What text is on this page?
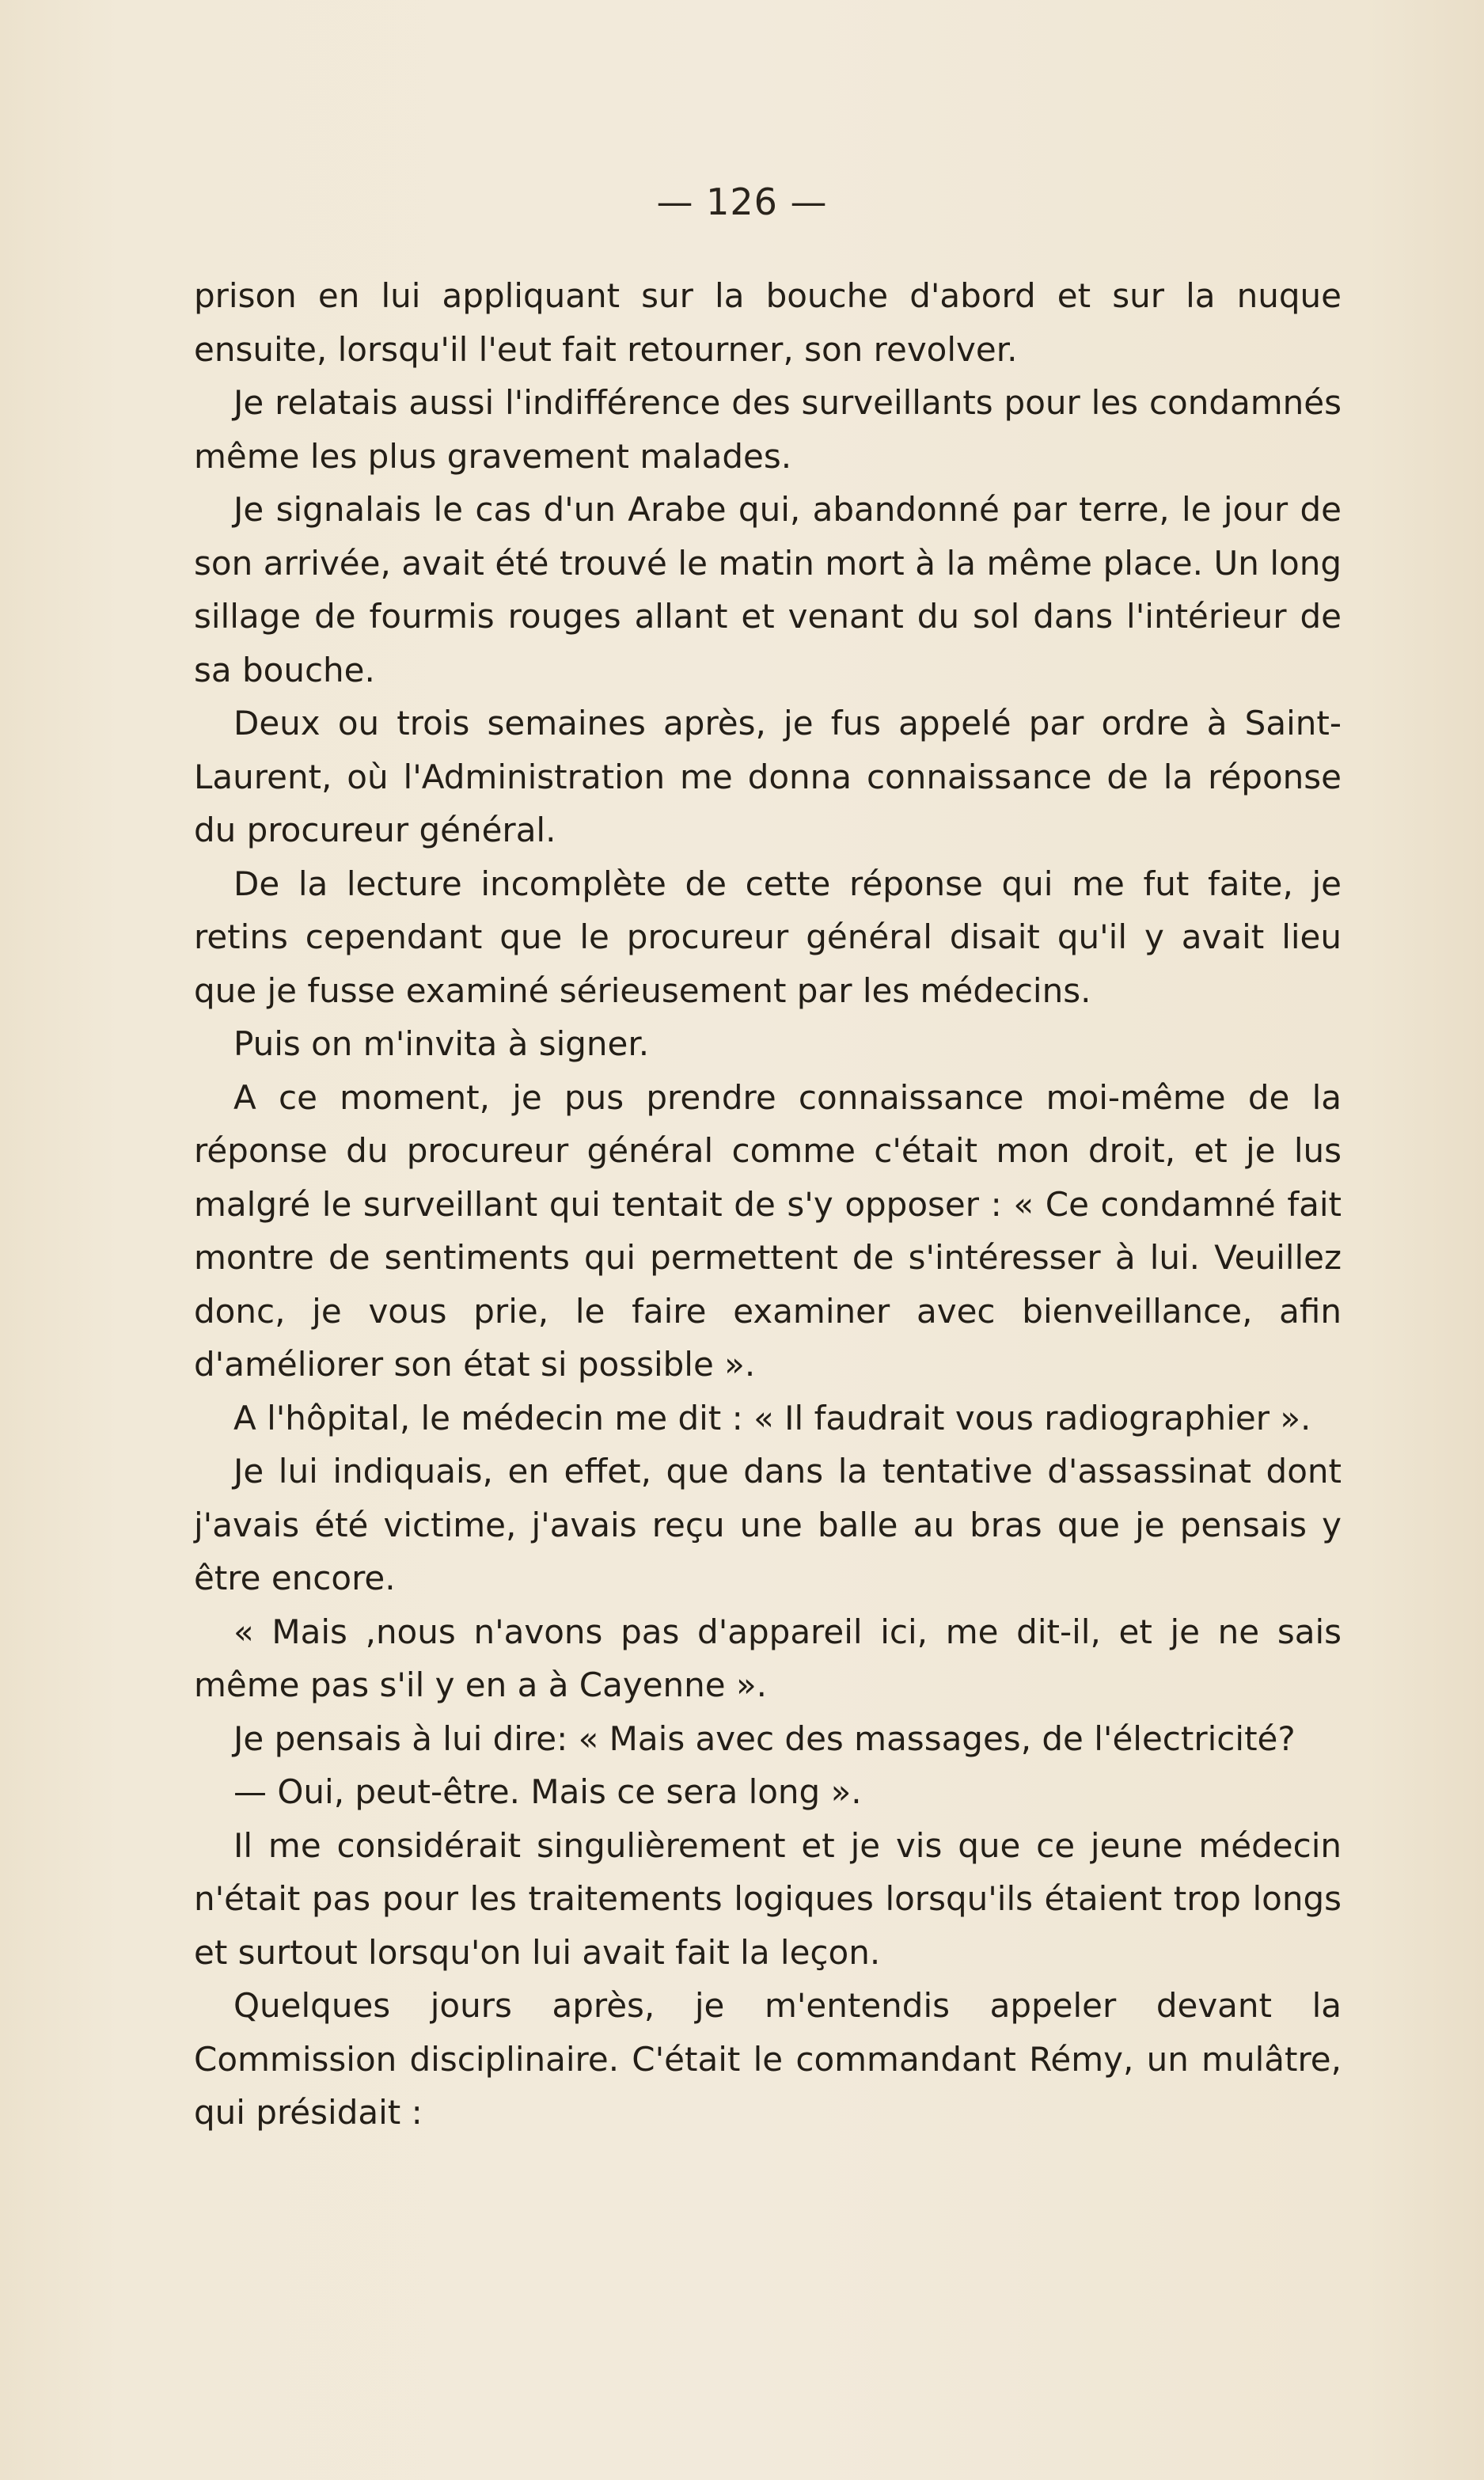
— 126 —

prison en lui appliquant sur la bouche d'abord et sur la nuque ensuite, lorsqu'il l'eut fait retourner, son revolver.

Je relatais aussi l'indifférence des surveillants pour les condamnés même les plus gravement malades.

Je signalais le cas d'un Arabe qui, abandonné par terre, le jour de son arrivée, avait été trouvé le matin mort à la même place. Un long sillage de fourmis rouges allant et venant du sol dans l'intérieur de sa bouche.

Deux ou trois semaines après, je fus appelé par ordre à Saint-Laurent, où l'Administration me donna connaissance de la réponse du procureur général.

De la lecture incomplète de cette réponse qui me fut faite, je retins cependant que le procureur général disait qu'il y avait lieu que je fusse examiné sérieusement par les médecins.

Puis on m'invita à signer.

A ce moment, je pus prendre connaissance moi-même de la réponse du procureur général comme c'était mon droit, et je lus malgré le surveillant qui tentait de s'y opposer : « Ce condamné fait montre de sentiments qui permettent de s'intéresser à lui. Veuillez donc, je vous prie, le faire examiner avec bienveillance, afin d'améliorer son état si possible ».

A l'hôpital, le médecin me dit : « Il faudrait vous radiographier ».

Je lui indiquais, en effet, que dans la tentative d'assassinat dont j'avais été victime, j'avais reçu une balle au bras que je pensais y être encore.

« Mais ,nous n'avons pas d'appareil ici, me dit-il, et je ne sais même pas s'il y en a à Cayenne ».

Je pensais à lui dire: « Mais avec des massages, de l'électricité?

— Oui, peut-être. Mais ce sera long ».

Il me considérait singulièrement et je vis que ce jeune médecin n'était pas pour les traitements logiques lorsqu'ils étaient trop longs et surtout lorsqu'on lui avait fait la leçon.

Quelques jours après, je m'entendis appeler devant la Commission disciplinaire. C'était le commandant Rémy, un mulâtre, qui présidait :
